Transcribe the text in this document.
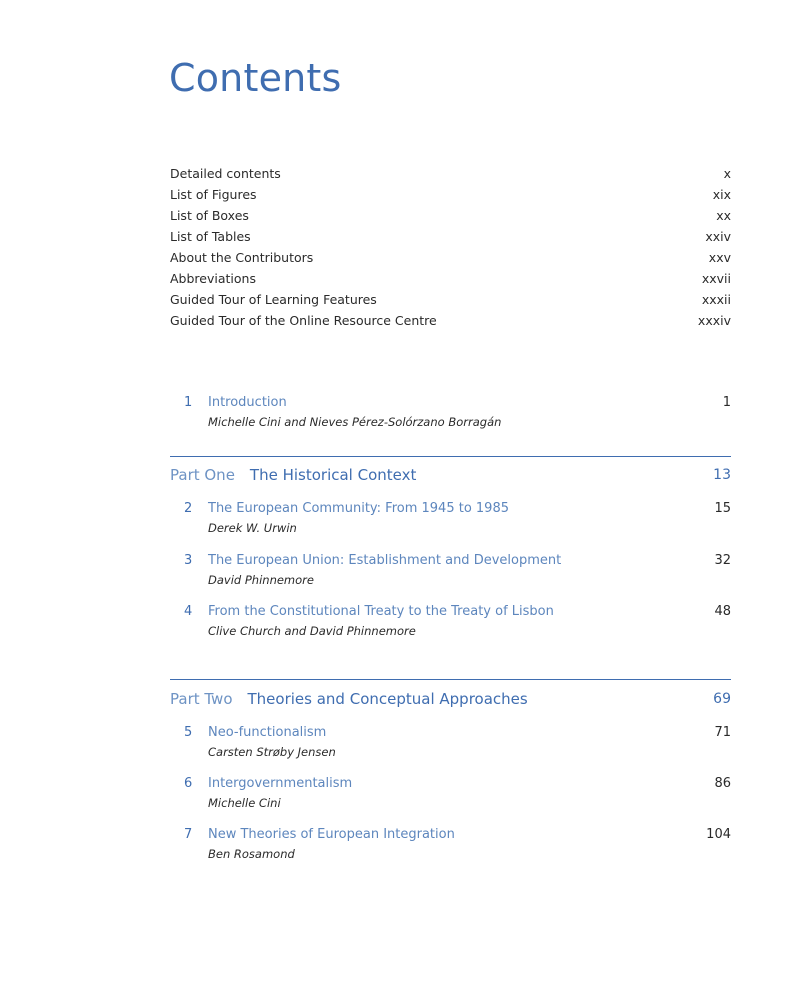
Contents
Detailed contents	x
List of Figures	xix
List of Boxes	xx
List of Tables	xxiv
About the Contributors	xxv
Abbreviations	xxvii
Guided Tour of Learning Features	xxxii
Guided Tour of the Online Resource Centre	xxxiv
1	Introduction	1
Michelle Cini and Nieves Pérez-Solórzano Borragán
Part One The Historical Context	13
2	The European Community: From 1945 to 1985	15
Derek W. Urwin
3	The European Union: Establishment and Development	32
David Phinnemore
4	From the Constitutional Treaty to the Treaty of Lisbon	48
Clive Church and David Phinnemore
Part Two Theories and Conceptual Approaches	69
5	Neo-functionalism	71
Carsten Strøby Jensen
6	Intergovernmentalism	86
Michelle Cini
7	New Theories of European Integration	104
Ben Rosamond
